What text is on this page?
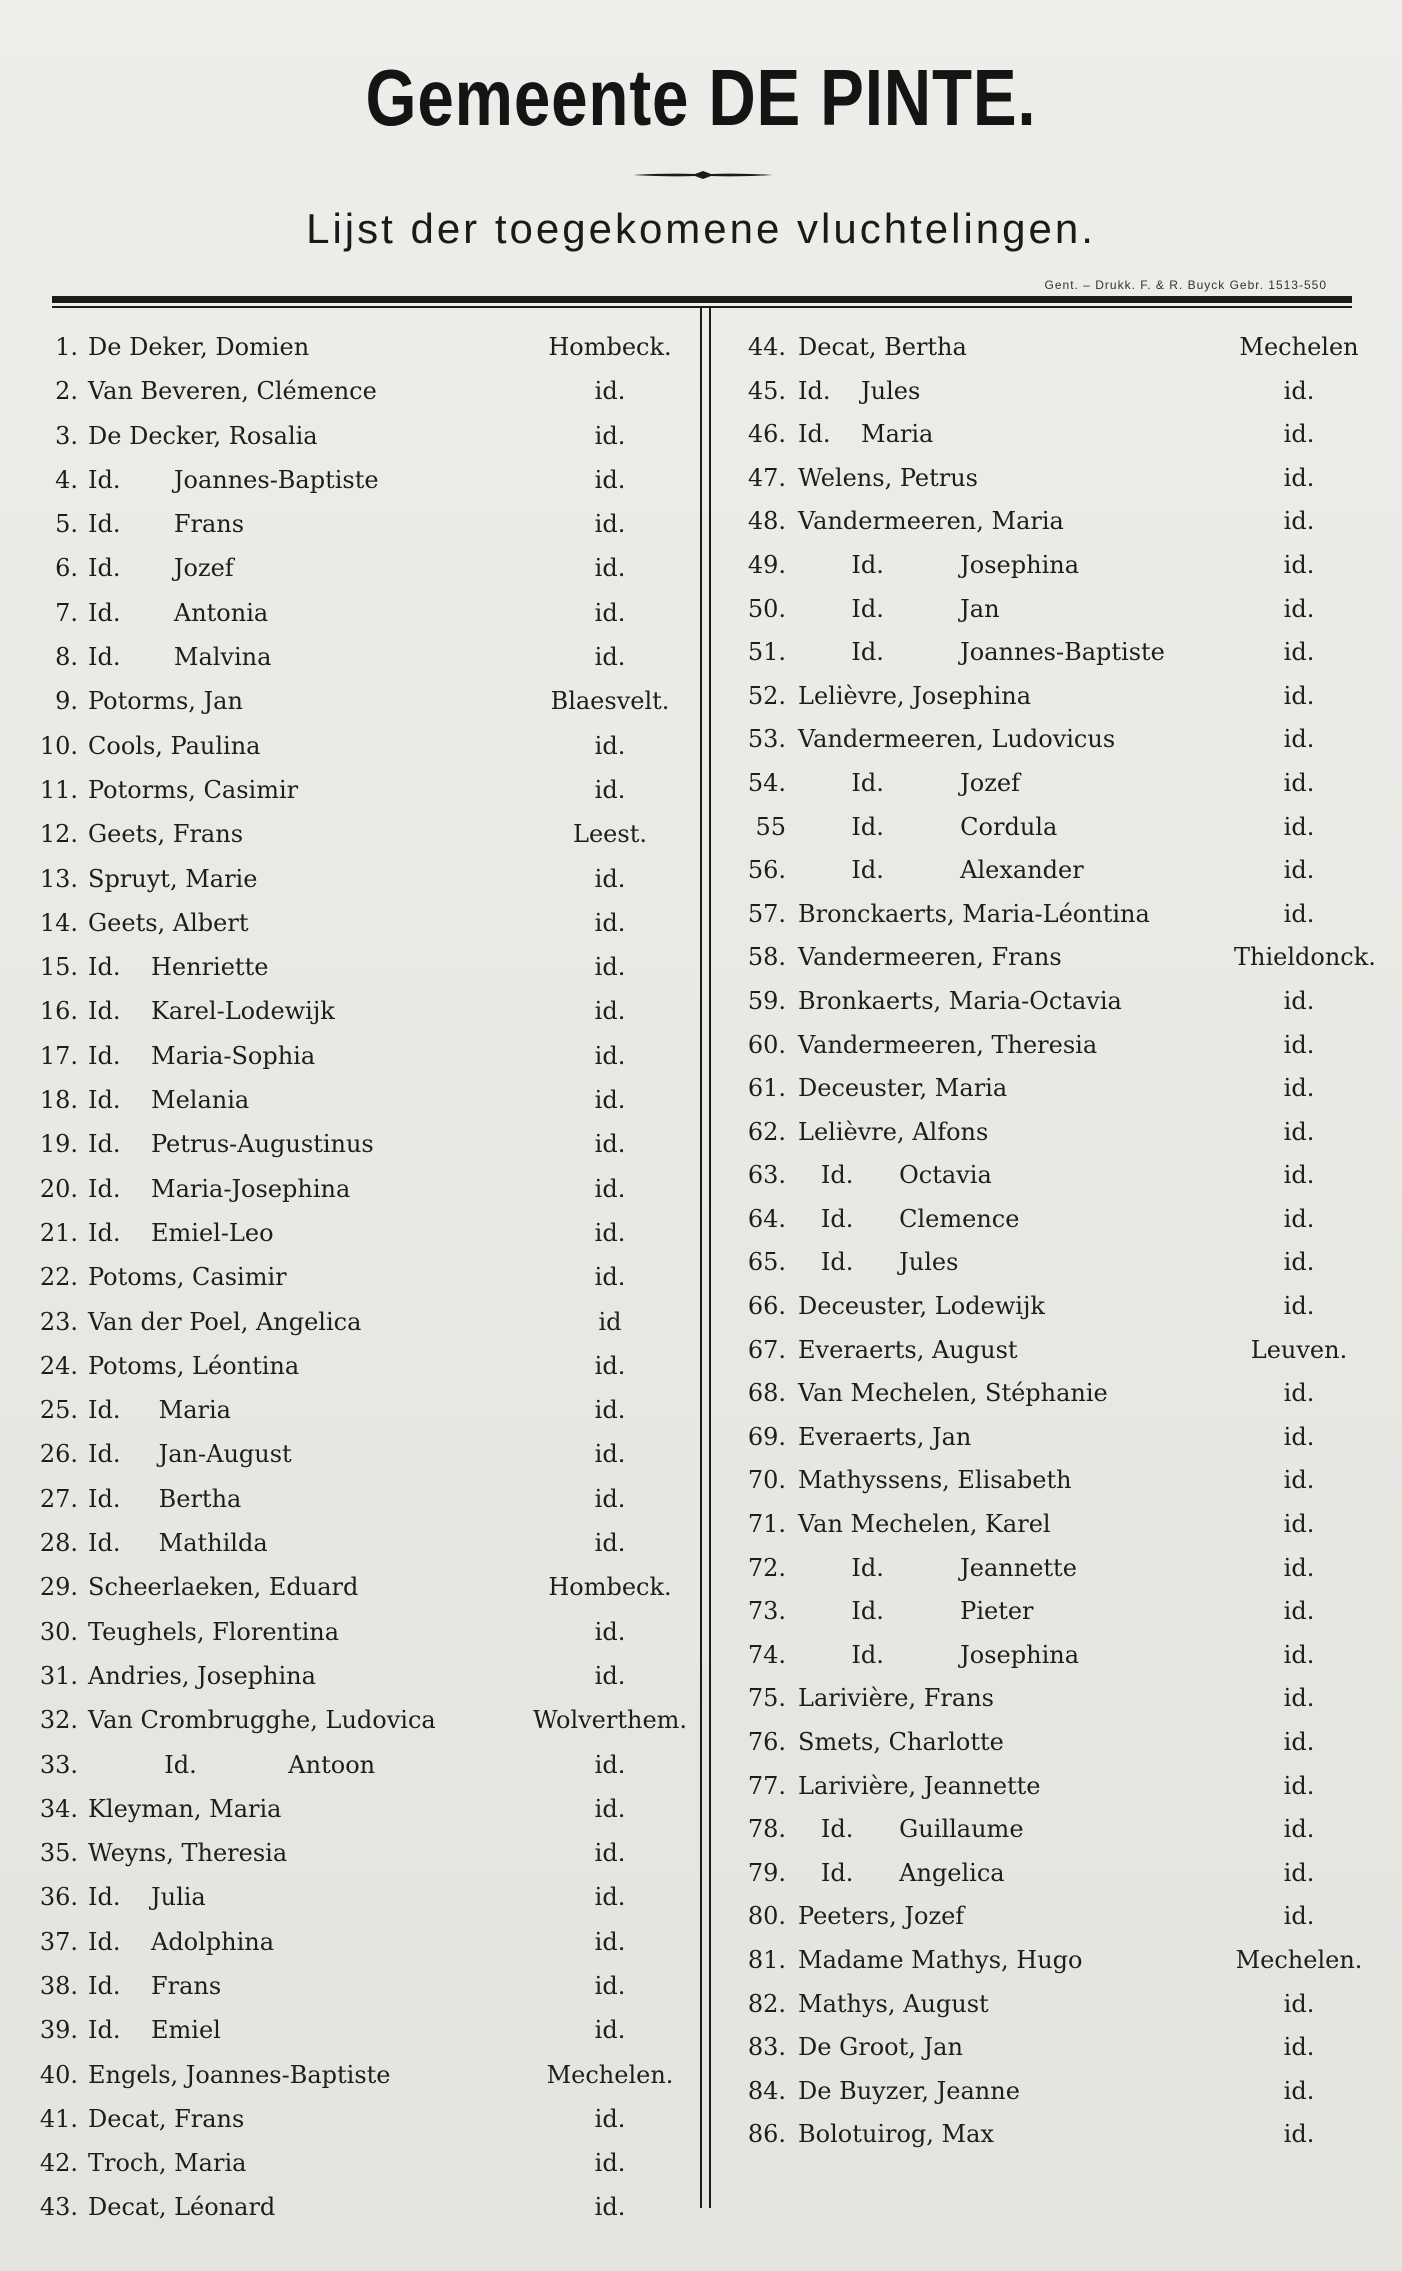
Gemeente DE PINTE.
Lijst der toegekomene vluchtelingen.
Gent. – Drukk. F. & R. Buyck Gebr. 1513-550
1. De Deker, Domien	Hombeck.
2. Van Beveren, Clémence	id.
3. De Decker, Rosalia	id.
4. Id.       Joannes-Baptiste	id.
5. Id.       Frans	id.
6. Id.       Jozef	id.
7. Id.       Antonia	id.
8. Id.       Malvina	id.
9. Potorms, Jan	Blaesvelt.
10. Cools, Paulina	id.
11. Potorms, Casimir	id.
12. Geets, Frans	Leest.
13. Spruyt, Marie	id.
14. Geets, Albert	id.
15. Id.    Henriette	id.
16. Id.    Karel-Lodewijk	id.
17. Id.    Maria-Sophia	id.
18. Id.    Melania	id.
19. Id.    Petrus-Augustinus	id.
20. Id.    Maria-Josephina	id.
21. Id.    Emiel-Leo	id.
22. Potoms, Casimir	id.
23. Van der Poel, Angelica	id
24. Potoms, Léontina	id.
25. Id.     Maria	id.
26. Id.     Jan-August	id.
27. Id.     Bertha	id.
28. Id.     Mathilda	id.
29. Scheerlaeken, Eduard	Hombeck.
30. Teughels, Florentina	id.
31. Andries, Josephina	id.
32. Van Crombrugghe, Ludovica	Wolverthem.
33. Id.            Antoon	id.
34. Kleyman, Maria	id.
35. Weyns, Theresia	id.
36. Id.    Julia	id.
37. Id.    Adolphina	id.
38. Id.    Frans	id.
39. Id.    Emiel	id.
40. Engels, Joannes-Baptiste	Mechelen.
41. Decat, Frans	id.
42. Troch, Maria	id.
43. Decat, Léonard	id.
44. Decat, Bertha	Mechelen
45. Id.    Jules	id.
46. Id.    Maria	id.
47. Welens, Petrus	id.
48. Vandermeeren, Maria	id.
49. Id.          Josephina	id.
50. Id.          Jan	id.
51. Id.          Joannes-Baptiste	id.
52. Lelièvre, Josephina	id.
53. Vandermeeren, Ludovicus	id.
54. Id.          Jozef	id.
55 Id.          Cordula	id.
56. Id.          Alexander	id.
57. Bronckaerts, Maria-Léontina	id.
58. Vandermeeren, Frans	Thieldonck.
59. Bronkaerts, Maria-Octavia	id.
60. Vandermeeren, Theresia	id.
61. Deceuster, Maria	id.
62. Lelièvre, Alfons	id.
63. Id.      Octavia	id.
64. Id.      Clemence	id.
65. Id.      Jules	id.
66. Deceuster, Lodewijk	id.
67. Everaerts, August	Leuven.
68. Van Mechelen, Stéphanie	id.
69. Everaerts, Jan	id.
70. Mathyssens, Elisabeth	id.
71. Van Mechelen, Karel	id.
72. Id.          Jeannette	id.
73. Id.          Pieter	id.
74. Id.          Josephina	id.
75. Larivière, Frans	id.
76. Smets, Charlotte	id.
77. Larivière, Jeannette	id.
78. Id.      Guillaume	id.
79. Id.      Angelica	id.
80. Peeters, Jozef	id.
81. Madame Mathys, Hugo	Mechelen.
82. Mathys, August	id.
83. De Groot, Jan	id.
84. De Buyzer, Jeanne	id.
86. Bolotuirog, Max	id.
